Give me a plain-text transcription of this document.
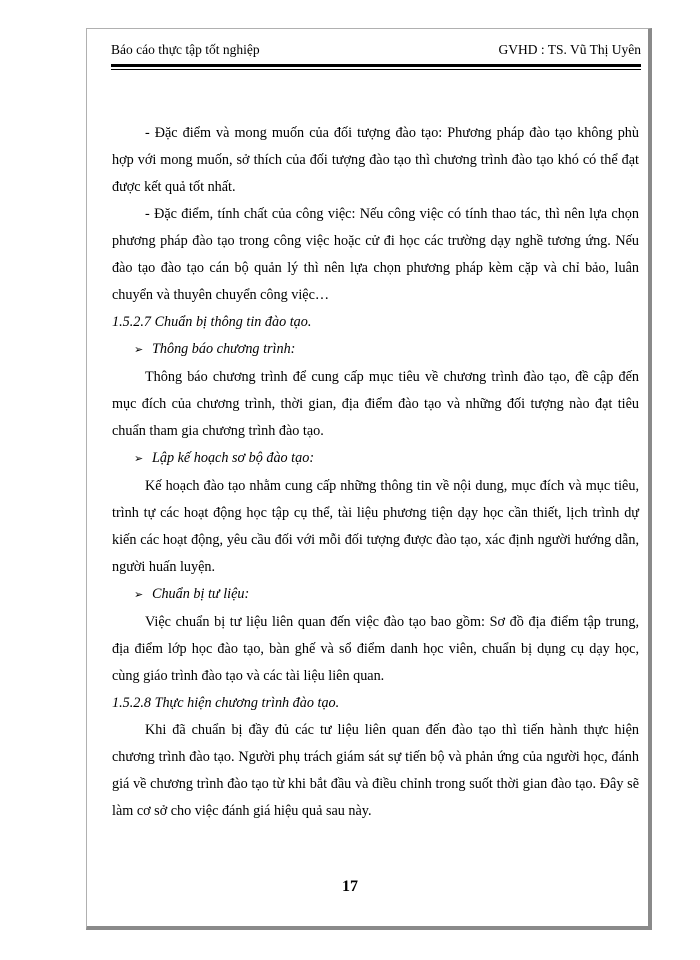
Báo cáo thực tập tốt nghiệp	GVHD : TS. Vũ Thị Uyên

- Đặc điểm và mong muốn của đối tượng đào tạo: Phương pháp đào tạo không phù hợp với mong muốn, sở thích của đối tượng đào tạo thì chương trình đào tạo khó có thể đạt được kết quả tốt nhất.

- Đặc điểm, tính chất của công việc: Nếu công việc có tính thao tác, thì nên lựa chọn phương pháp đào tạo trong công việc hoặc cử đi học các trường dạy nghề tương ứng. Nếu đào tạo đào tạo cán bộ quản lý thì nên lựa chọn phương pháp kèm cặp và chỉ bảo, luân chuyển và thuyên chuyển công việc…

1.5.2.7 Chuẩn bị thông tin đào tạo.

➢ Thông báo chương trình:

Thông báo chương trình để cung cấp mục tiêu về chương trình đào tạo, đề cập đến mục đích của chương trình, thời gian, địa điểm đào tạo và những đối tượng nào đạt tiêu chuẩn tham gia chương trình đào tạo.

➢ Lập kế hoạch sơ bộ đào tạo:

Kế hoạch đào tạo nhằm cung cấp những thông tin về nội dung, mục đích và mục tiêu, trình tự các hoạt động học tập cụ thể, tài liệu phương tiện dạy học cần thiết, lịch trình dự kiến các hoạt động, yêu cầu đối với mỗi đối tượng được đào tạo, xác định người hướng dẫn, người huấn luyện.

➢ Chuẩn bị tư liệu:

Việc chuẩn bị tư liệu liên quan đến việc đào tạo bao gồm: Sơ đồ địa điểm tập trung, địa điểm lớp học đào tạo, bàn ghế và sổ điểm danh học viên, chuẩn bị dụng cụ dạy học, cùng giáo trình đào tạo và các tài liệu liên quan.

1.5.2.8 Thực hiện chương trình đào tạo.

Khi đã chuẩn bị đầy đủ các tư liệu liên quan đến đào tạo thì tiến hành thực hiện chương trình đào tạo. Người phụ trách giám sát sự tiến bộ và phản ứng của người học, đánh giá về chương trình đào tạo từ khi bắt đầu và điều chỉnh trong suốt thời gian đào tạo. Đây sẽ làm cơ sở cho việc đánh giá hiệu quả sau này.

17
